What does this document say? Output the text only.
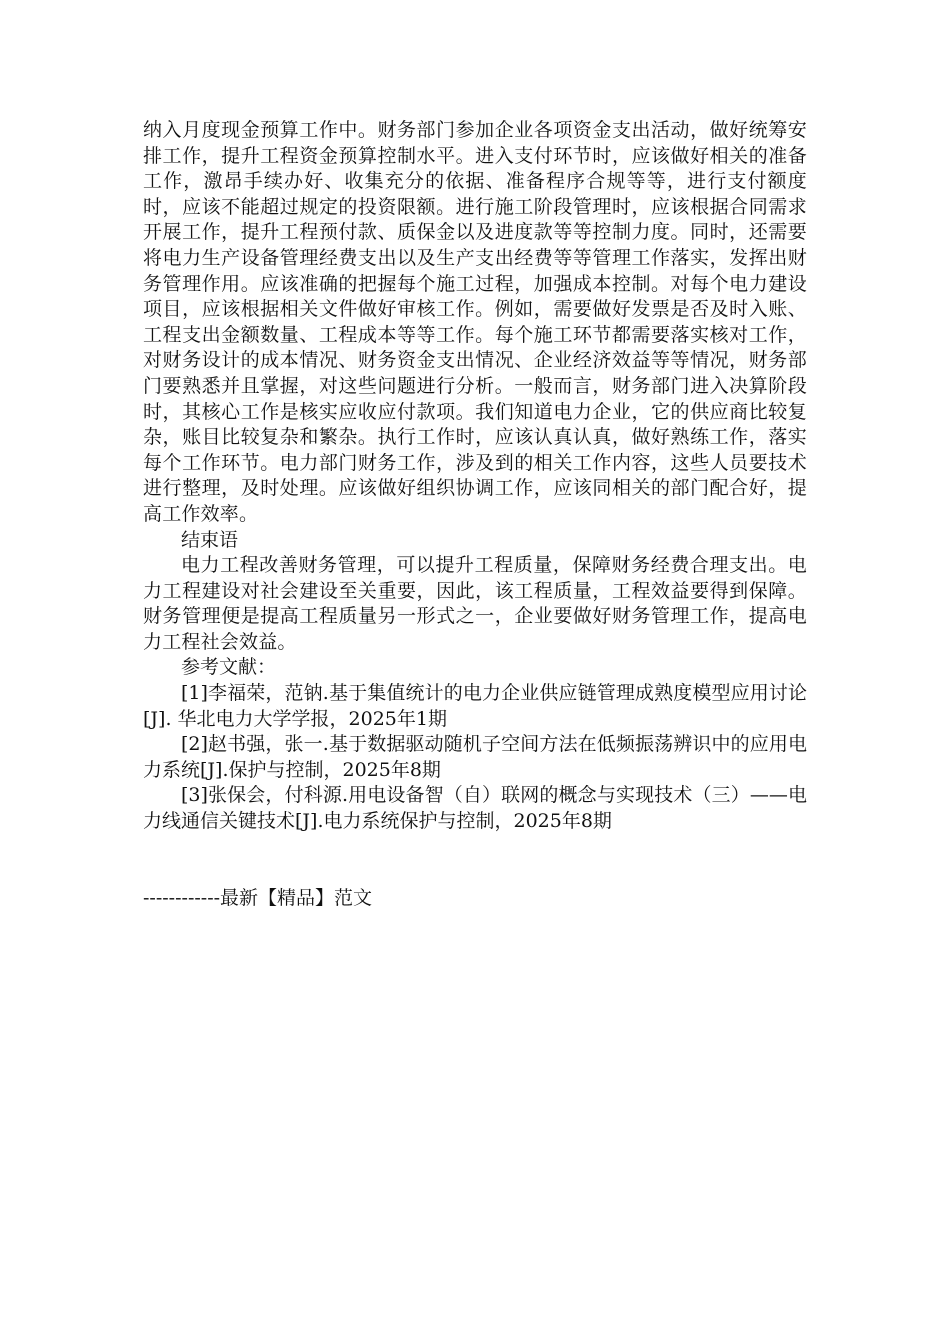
纳入月度现金预算工作中。财务部门参加企业各项资金支出活动，做好统筹安排工作，提升工程资金预算控制水平。进入支付环节时，应该做好相关的准备工作，激昂手续办好、收集充分的依据、准备程序合规等等，进行支付额度时，应该不能超过规定的投资限额。进行施工阶段管理时，应该根据合同需求开展工作，提升工程预付款、质保金以及进度款等等控制力度。同时，还需要将电力生产设备管理经费支出以及生产支出经费等等管理工作落实，发挥出财务管理作用。应该准确的把握每个施工过程，加强成本控制。对每个电力建设项目，应该根据相关文件做好审核工作。例如，需要做好发票是否及时入账、工程支出金额数量、工程成本等等工作。每个施工环节都需要落实核对工作，对财务设计的成本情况、财务资金支出情况、企业经济效益等等情况，财务部门要熟悉并且掌握，对这些问题进行分析。一般而言，财务部门进入决算阶段时，其核心工作是核实应收应付款项。我们知道电力企业，它的供应商比较复杂，账目比较复杂和繁杂。执行工作时，应该认真认真，做好熟练工作，落实每个工作环节。电力部门财务工作，涉及到的相关工作内容，这些人员要技术进行整理，及时处理。应该做好组织协调工作，应该同相关的部门配合好，提高工作效率。

结束语

电力工程改善财务管理，可以提升工程质量，保障财务经费合理支出。电力工程建设对社会建设至关重要，因此，该工程质量，工程效益要得到保障。财务管理便是提高工程质量另一形式之一，企业要做好财务管理工作，提高电力工程社会效益。

参考文献：

[1]李福荣，范钠.基于集值统计的电力企业供应链管理成熟度模型应用讨论[J]. 华北电力大学学报，2025年1期

[2]赵书强，张一.基于数据驱动随机子空间方法在低频振荡辨识中的应用电力系统[J].保护与控制，2025年8期

[3]张保会，付科源.用电设备智（自）联网的概念与实现技术（三）——电力线通信关键技术[J].电力系统保护与控制，2025年8期

------------最新【精品】范文
